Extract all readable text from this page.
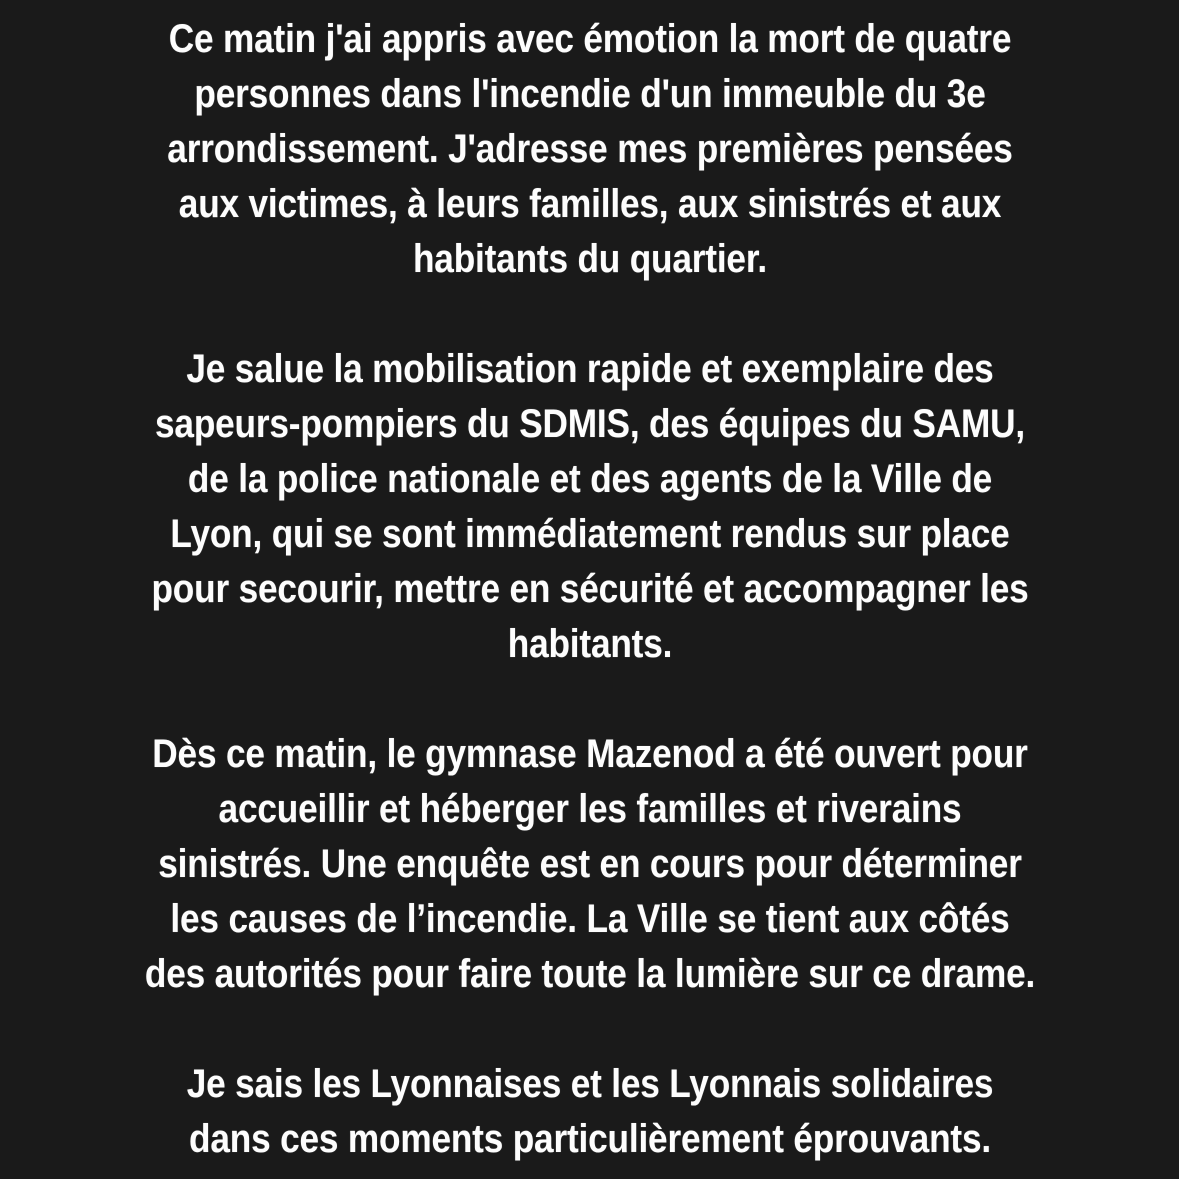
Ce matin j'ai appris avec émotion la mort de quatre personnes dans l'incendie d'un immeuble du 3e arrondissement. J'adresse mes premières pensées aux victimes, à leurs familles, aux sinistrés et aux habitants du quartier.

Je salue la mobilisation rapide et exemplaire des sapeurs-pompiers du SDMIS, des équipes du SAMU, de la police nationale et des agents de la Ville de Lyon, qui se sont immédiatement rendus sur place pour secourir, mettre en sécurité et accompagner les habitants.

Dès ce matin, le gymnase Mazenod a été ouvert pour accueillir et héberger les familles et riverains sinistrés. Une enquête est en cours pour déterminer les causes de l’incendie. La Ville se tient aux côtés des autorités pour faire toute la lumière sur ce drame.

Je sais les Lyonnaises et les Lyonnais solidaires dans ces moments particulièrement éprouvants.
